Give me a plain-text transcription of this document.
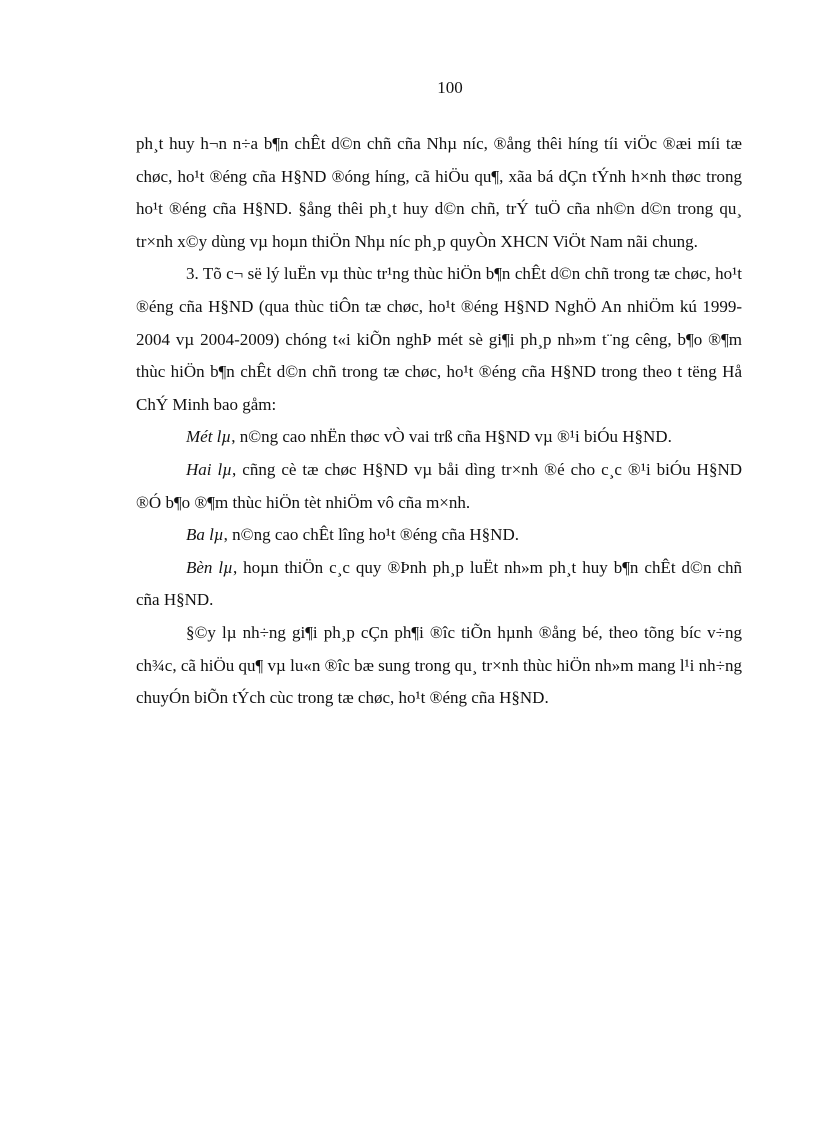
100

ph¸t huy h¬n n÷a b¶n chÊt d©n chñ cña Nhµ níc, ®ång thêi híng tíi viÖc ®æi míi tæ chøc, ho¹t ®éng cña H§ND ®óng híng, cã hiÖu qu¶, xãa bá dÇn tÝnh h×nh thøc trong ho¹t ®éng cña H§ND. §ång thêi ph¸t huy d©n chñ, trÝ tuÖ cña nh©n d©n trong qu¸ tr×nh x©y dùng vµ hoµn thiÖn Nhµ níc ph¸p quyÒn XHCN ViÖt Nam nãi chung.

3. Tõ c¬ së lý luËn vµ thùc tr¹ng thùc hiÖn b¶n chÊt d©n chñ trong tæ chøc, ho¹t ®éng cña H§ND (qua thùc tiÔn tæ chøc, ho¹t ®éng H§ND NghÖ An nhiÖm kú 1999-2004 vµ 2004-2009) chóng t«i kiÕn nghÞ mét sè gi¶i ph¸p nh»m t¨ng cêng, b¶o ®¶m thùc hiÖn b¶n chÊt d©n chñ trong tæ chøc, ho¹t ®éng cña H§ND trong theo t tëng Hå ChÝ Minh bao gåm:

Mét lµ, n©ng cao nhËn thøc vÒ vai trß cña H§ND vµ ®¹i biÓu H§ND.

Hai lµ, cñng cè tæ chøc H§ND vµ båi dìng tr×nh ®é cho c¸c ®¹i biÓu H§ND ®Ó b¶o ®¶m thùc hiÖn tèt nhiÖm vô cña m×nh.

Ba lµ, n©ng cao chÊt lîng ho¹t ®éng cña H§ND.

Bèn lµ, hoµn thiÖn c¸c quy ®Þnh ph¸p luËt nh»m ph¸t huy b¶n chÊt d©n chñ cña H§ND.

§©y lµ nh÷ng gi¶i ph¸p cÇn ph¶i ®îc tiÕn hµnh ®ång bé, theo tõng bíc v÷ng ch¾c, cã hiÖu qu¶ vµ lu«n ®îc bæ sung trong qu¸ tr×nh thùc hiÖn nh»m mang l¹i nh÷ng chuyÓn biÕn tÝch cùc trong tæ chøc, ho¹t ®éng cña H§ND.
